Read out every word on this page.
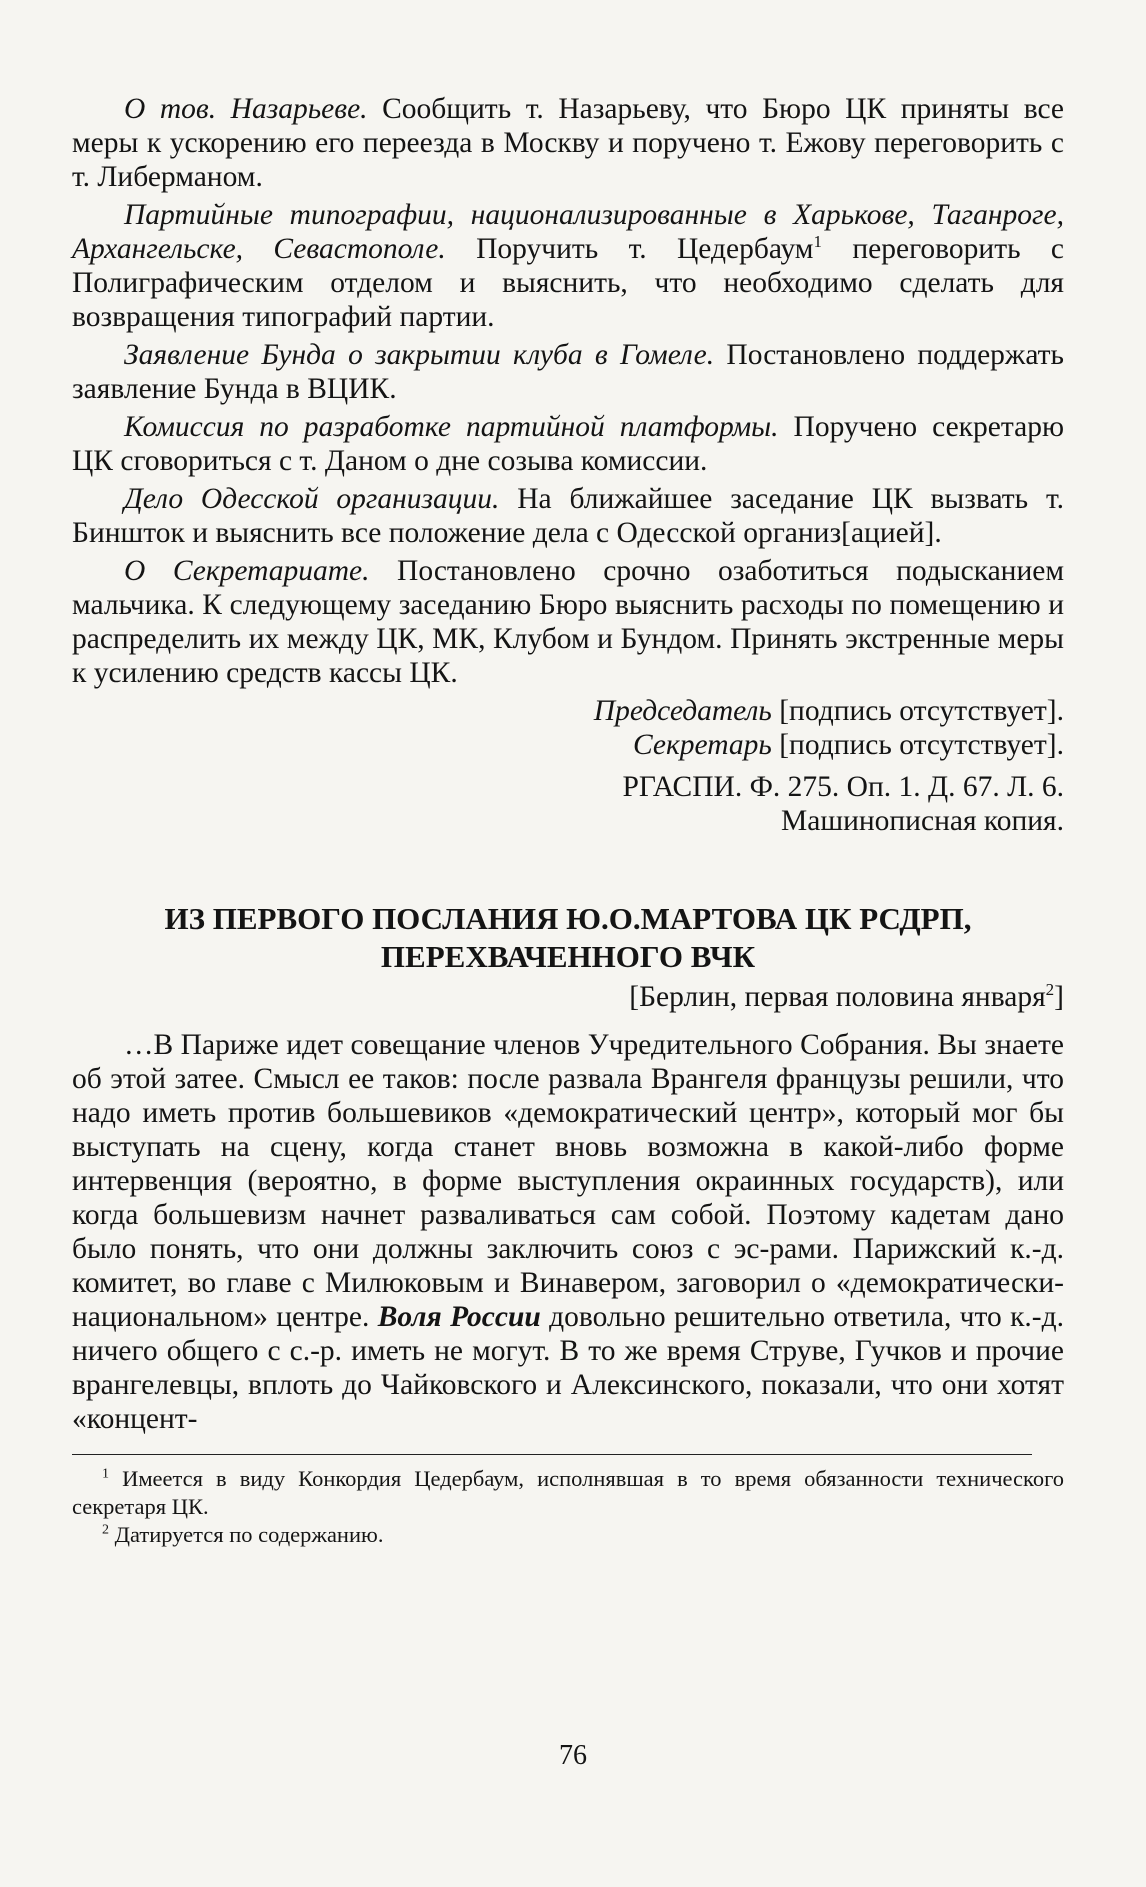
О тов. Назарьеве. Сообщить т. Назарьеву, что Бюро ЦК приняты все меры к ускорению его переезда в Москву и поручено т. Ежову переговорить с т. Либерманом.

Партийные типографии, национализированные в Харькове, Таганроге, Архангельске, Севастополе. Поручить т. Цедербаум$^1$ переговорить с Полиграфическим отделом и выяснить, что необходимо сделать для возвращения типографий партии.

Заявление Бунда о закрытии клуба в Гомеле. Постановлено поддержать заявление Бунда в ВЦИК.

Комиссия по разработке партийной платформы. Поручено секретарю ЦК сговориться с т. Даном о дне созыва комиссии.

Дело Одесской организации. На ближайшее заседание ЦК вызвать т. Биншток и выяснить все положение дела с Одесской организ[ацией].

О Секретариате. Постановлено срочно озаботиться подысканием мальчика. К следующему заседанию Бюро выяснить расходы по помещению и распределить их между ЦК, МК, Клубом и Бундом. Принять экстренные меры к усилению средств кассы ЦК.

Председатель [подпись отсутствует].

Секретарь [подпись отсутствует].

РГАСПИ. Ф. 275. Оп. 1. Д. 67. Л. 6.

Машинописная копия.

ИЗ ПЕРВОГО ПОСЛАНИЯ Ю.О.МАРТОВА ЦК РСДРП,
ПЕРЕХВАЧЕННОГО ВЧК

[Берлин, первая половина января$^2$]

…В Париже идет совещание членов Учредительного Собрания. Вы знаете об этой затее. Смысл ее таков: после развала Врангеля французы решили, что надо иметь против большевиков «демократический центр», который мог бы выступать на сцену, когда станет вновь возможна в какой-либо форме интервенция (вероятно, в форме выступления окраинных государств), или когда большевизм начнет разваливаться сам собой. Поэтому кадетам дано было понять, что они должны заключить союз с эс-рами. Парижский к.-д. комитет, во главе с Милюковым и Винавером, заговорил о «демократически-национальном» центре. Воля России довольно решительно ответила, что к.-д. ничего общего с с.-р. иметь не могут. В то же время Струве, Гучков и прочие врангелевцы, вплоть до Чайковского и Алексинского, показали, что они хотят «концент-

$^1$ Имеется в виду Конкордия Цедербаум, исполнявшая в то время обязанности технического секретаря ЦК.

$^2$ Датируется по содержанию.

76
